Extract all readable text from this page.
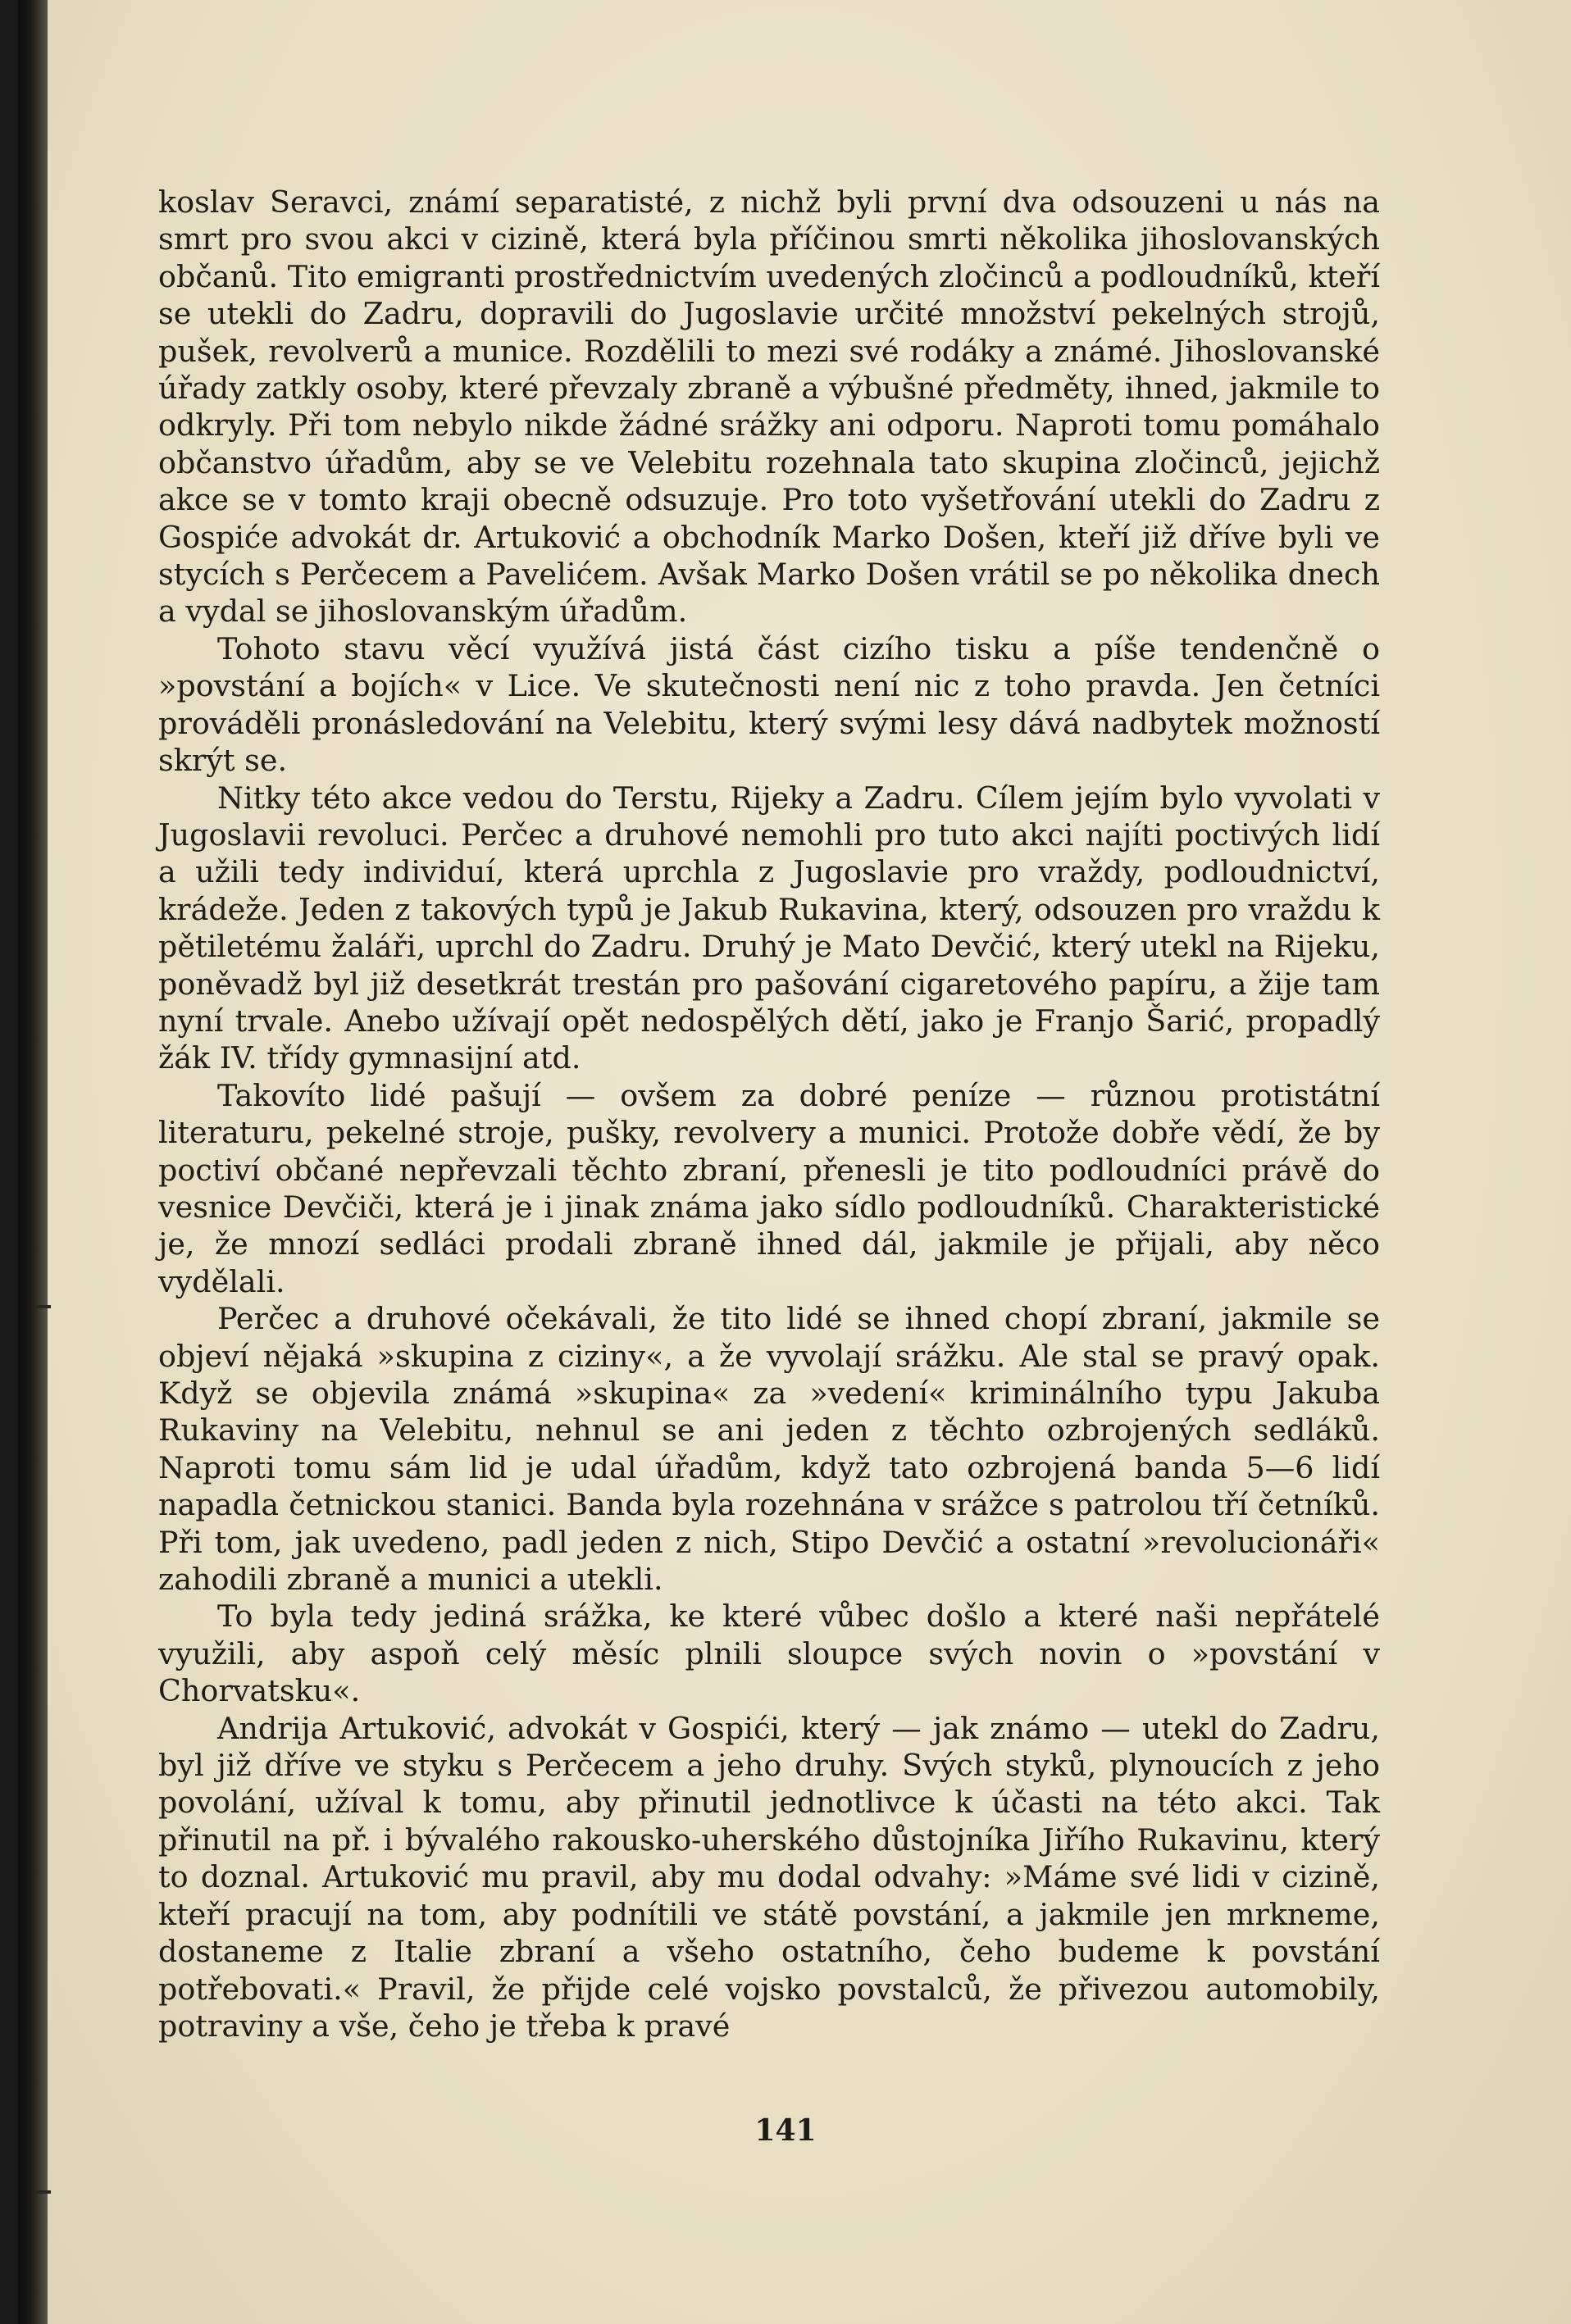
koslav Seravci, známí separatisté, z nichž byli první dva odsouzeni u nás na smrt pro svou akci v cizině, která byla příčinou smrti několika jihoslovanských občanů. Tito emigranti prostřednictvím uvedených zločinců a podloudníků, kteří se utekli do Zadru, dopravili do Jugoslavie určité množství pekelných strojů, pušek, revolverů a munice. Rozdělili to mezi své rodáky a známé. Jihoslovanské úřady zatkly osoby, které převzaly zbraně a výbušné předměty, ihned, jakmile to odkryly. Při tom nebylo nikde žádné srážky ani odporu. Naproti tomu pomáhalo občanstvo úřadům, aby se ve Velebitu rozehnala tato skupina zločinců, jejichž akce se v tomto kraji obecně odsuzuje. Pro toto vyšetřování utekli do Zadru z Gospiće advokát dr. Artuković a obchodník Marko Došen, kteří již dříve byli ve stycích s Perčecem a Pavelićem. Avšak Marko Došen vrátil se po několika dnech a vydal se jihoslovanským úřadům.

Tohoto stavu věcí využívá jistá část cizího tisku a píše tendenčně o »povstání a bojích« v Lice. Ve skutečnosti není nic z toho pravda. Jen četníci prováděli pronásledování na Velebitu, který svými lesy dává nadbytek možností skrýt se.

Nitky této akce vedou do Terstu, Rijeky a Zadru. Cílem jejím bylo vyvolati v Jugoslavii revoluci. Perčec a druhové nemohli pro tuto akci najíti poctivých lidí a užili tedy individuí, která uprchla z Jugoslavie pro vraždy, podloudnictví, krádeže. Jeden z takových typů je Jakub Rukavina, který, odsouzen pro vraždu k pětiletému žaláři, uprchl do Zadru. Druhý je Mato Devčić, který utekl na Rijeku, poněvadž byl již desetkrát trestán pro pašování cigaretového papíru, a žije tam nyní trvale. Anebo užívají opět nedospělých dětí, jako je Franjo Šarić, propadlý žák IV. třídy gymnasijní atd.

Takovíto lidé pašují — ovšem za dobré peníze — různou protistátní literaturu, pekelné stroje, pušky, revolvery a munici. Protože dobře vědí, že by poctiví občané nepřevzali těchto zbraní, přenesli je tito podloudníci právě do vesnice Devčiči, která je i jinak známa jako sídlo podloudníků. Charakteristické je, že mnozí sedláci prodali zbraně ihned dál, jakmile je přijali, aby něco vydělali.

Perčec a druhové očekávali, že tito lidé se ihned chopí zbraní, jakmile se objeví nějaká »skupina z ciziny«, a že vyvolají srážku. Ale stal se pravý opak. Když se objevila známá »skupina« za »vedení« kriminálního typu Jakuba Rukaviny na Velebitu, nehnul se ani jeden z těchto ozbrojených sedláků. Naproti tomu sám lid je udal úřadům, když tato ozbrojená banda 5—6 lidí napadla četnickou stanici. Banda byla rozehnána v srážce s patrolou tří četníků. Při tom, jak uvedeno, padl jeden z nich, Stipo Devčić a ostatní »revolucionáři« zahodili zbraně a munici a utekli.

To byla tedy jediná srážka, ke které vůbec došlo a které naši nepřátelé využili, aby aspoň celý měsíc plnili sloupce svých novin o »povstání v Chorvatsku«.

Andrija Artuković, advokát v Gospići, který — jak známo — utekl do Zadru, byl již dříve ve styku s Perčecem a jeho druhy. Svých styků, plynoucích z jeho povolání, užíval k tomu, aby přinutil jednotlivce k účasti na této akci. Tak přinutil na př. i bývalého rakousko-uherského důstojníka Jiřího Rukavinu, který to doznal. Artuković mu pravil, aby mu dodal odvahy: »Máme své lidi v cizině, kteří pracují na tom, aby podnítili ve státě povstání, a jakmile jen mrkneme, dostaneme z Italie zbraní a všeho ostatního, čeho budeme k povstání potřebovati.« Pravil, že přijde celé vojsko povstalců, že přivezou automobily, potraviny a vše, čeho je třeba k pravé

141
